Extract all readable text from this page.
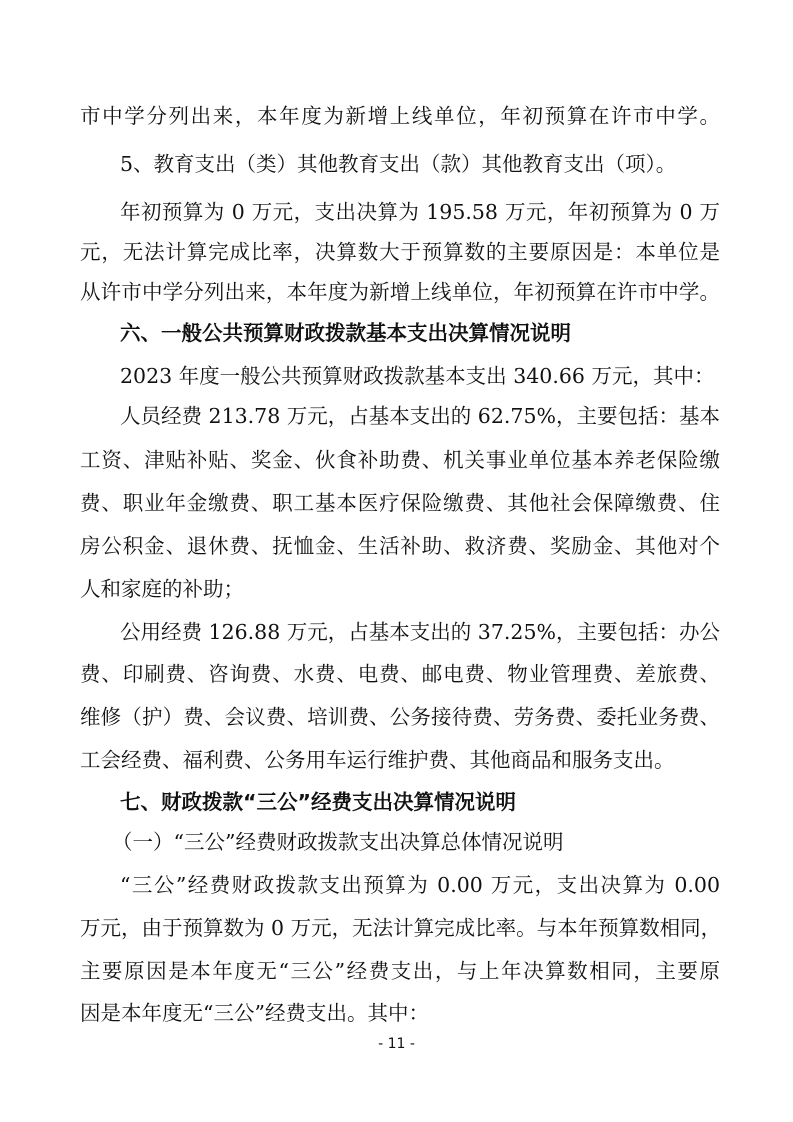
市中学分列出来，本年度为新增上线单位，年初预算在许市中学。
5、教育支出（类）其他教育支出（款）其他教育支出（项）。
年初预算为 0 万元，支出决算为 195.58 万元，年初预算为 0 万
元，无法计算完成比率，决算数大于预算数的主要原因是：本单位是
从许市中学分列出来，本年度为新增上线单位，年初预算在许市中学。
六、一般公共预算财政拨款基本支出决算情况说明
2023 年度一般公共预算财政拨款基本支出 340.66 万元，其中：
人员经费 213.78 万元，占基本支出的 62.75%，主要包括：基本
工资、津贴补贴、奖金、伙食补助费、机关事业单位基本养老保险缴
费、职业年金缴费、职工基本医疗保险缴费、其他社会保障缴费、住
房公积金、退休费、抚恤金、生活补助、救济费、奖励金、其他对个
人和家庭的补助；
公用经费 126.88 万元，占基本支出的 37.25%，主要包括：办公
费、印刷费、咨询费、水费、电费、邮电费、物业管理费、差旅费、
维修（护）费、会议费、培训费、公务接待费、劳务费、委托业务费、
工会经费、福利费、公务用车运行维护费、其他商品和服务支出。
七、财政拨款“三公”经费支出决算情况说明
（一）“三公”经费财政拨款支出决算总体情况说明
“三公”经费财政拨款支出预算为 0.00 万元，支出决算为 0.00
万元，由于预算数为 0 万元，无法计算完成比率。与本年预算数相同，
主要原因是本年度无“三公”经费支出，与上年决算数相同，主要原
因是本年度无“三公”经费支出。其中：
- 11 -
